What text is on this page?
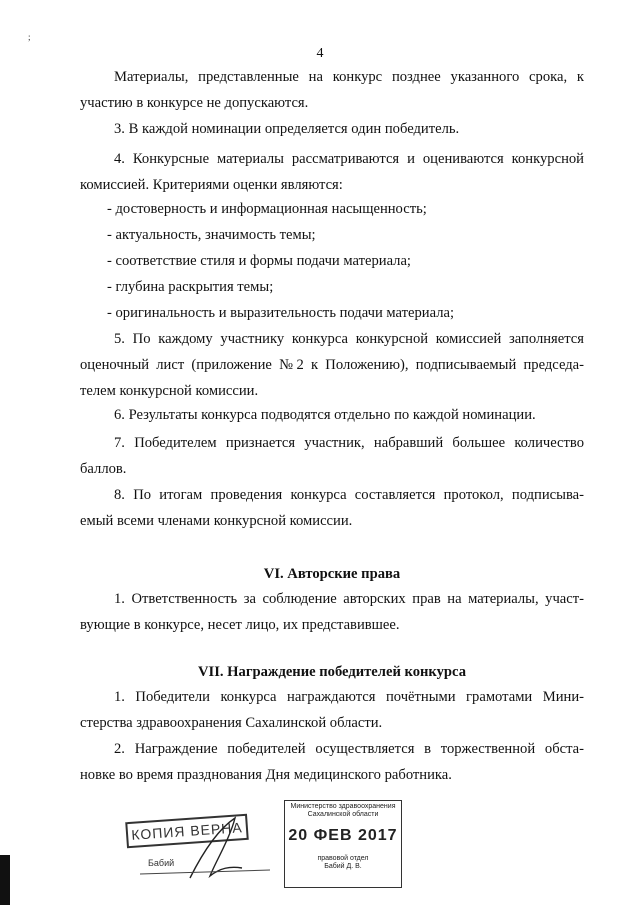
;
4
Материалы, представленные на конкурс позднее указанного срока, к
участию в конкурсе не допускаются.
3. В каждой номинации определяется один победитель.
4. Конкурсные материалы рассматриваются и оцениваются конкурсной
комиссией. Критериями оценки являются:
- достоверность и информационная насыщенность;
- актуальность, значимость темы;
- соответствие стиля и формы подачи материала;
- глубина раскрытия темы;
- оригинальность и выразительность подачи материала;
5. По каждому участнику конкурса конкурсной комиссией заполняется
оценочный лист (приложение №2 к Положению), подписываемый председа-
телем конкурсной комиссии.
6. Результаты конкурса подводятся отдельно по каждой номинации.
7. Победителем признается участник, набравший большее количество
баллов.
8. По итогам проведения конкурса составляется протокол, подписыва-
емый всеми членами конкурсной комиссии.
VI. Авторские права
1. Ответственность за соблюдение авторских прав на материалы, участ-
вующие в конкурсе, несет лицо, их представившее.
VII. Награждение победителей конкурса
1. Победители конкурса награждаются почётными грамотами Мини-
стерства здравоохранения Сахалинской области.
2. Награждение победителей осуществляется в торжественной обста-
новке во время празднования Дня медицинского работника.
КОПИЯ ВЕРНА
Бабий
Министерство здравоохранения
Сахалинской области
20 ФЕВ 2017
правовой отдел
Бабий Д. В.
